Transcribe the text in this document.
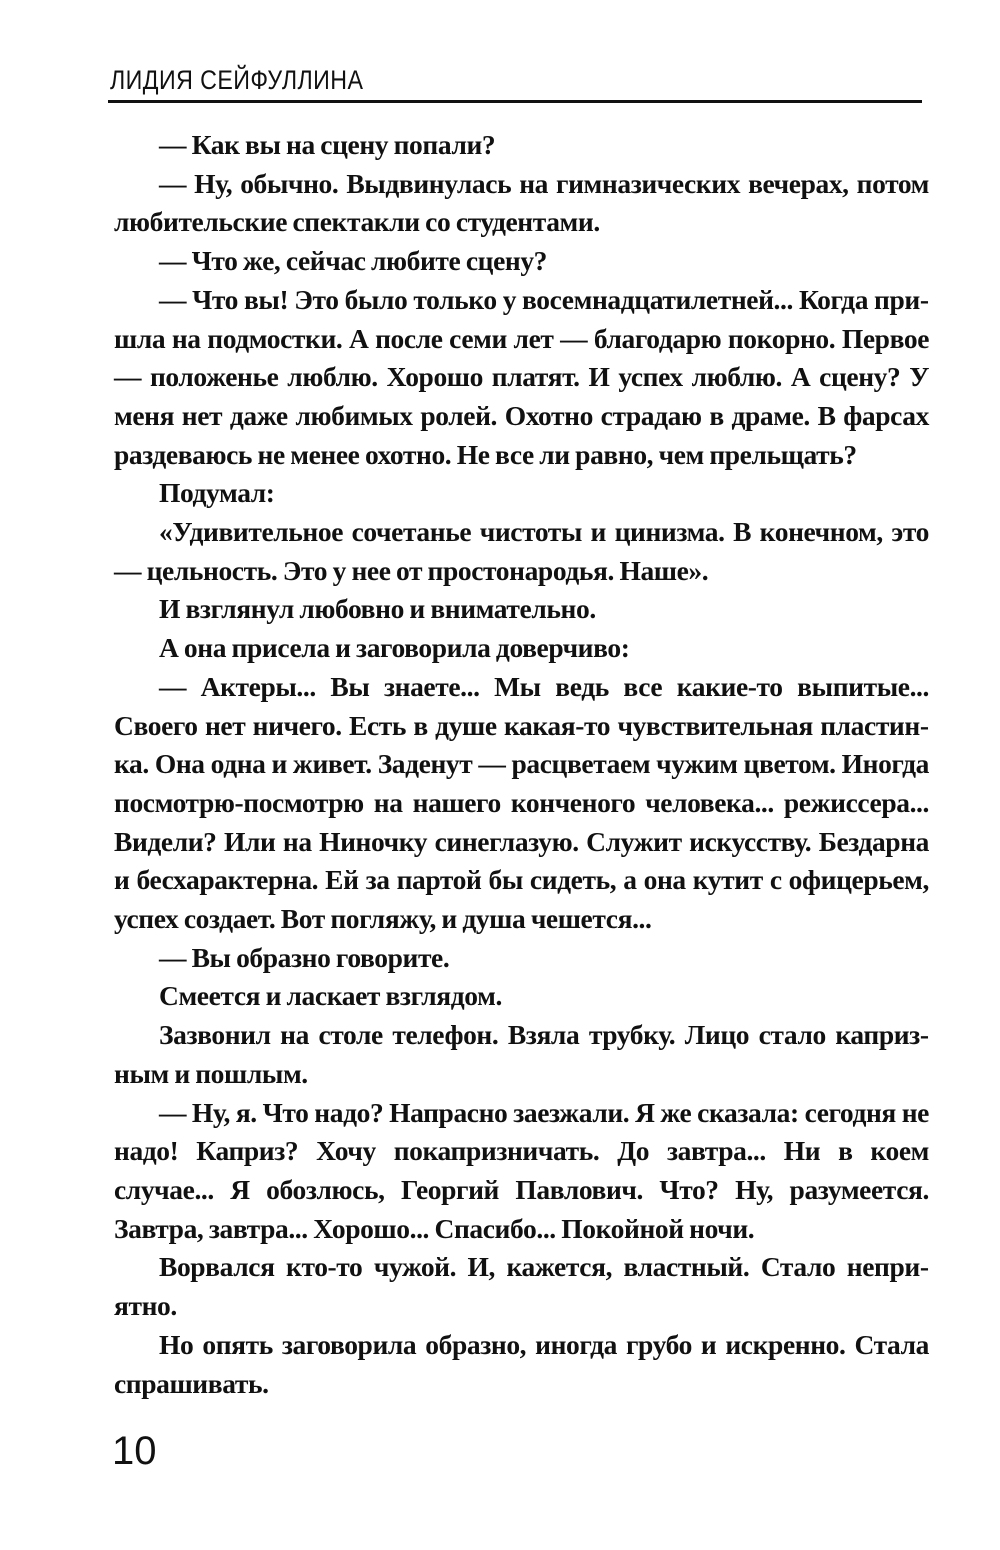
ЛИДИЯ СЕЙФУЛЛИНА

— Как вы на сцену попали?

— Ну, обычно. Выдвинулась на гимназических вечерах, потом любительские спектакли со студентами.

— Что же, сейчас любите сцену?

— Что вы! Это было только у восемнадцатилетней... Когда пришла на подмостки. А после семи лет — благодарю покорно. Первое — положенье люблю. Хорошо платят. И успех люблю. А сцену? У меня нет даже любимых ролей. Охотно страдаю в драме. В фарсах раздеваюсь не менее охотно. Не все ли равно, чем прельщать?

Подумал:

«Удивительное сочетанье чистоты и цинизма. В конечном, это — цельность. Это у нее от простонародья. Наше».

И взглянул любовно и внимательно.

А она присела и заговорила доверчиво:

— Актеры... Вы знаете... Мы ведь все какие-то выпитые... Своего нет ничего. Есть в душе какая-то чувствительная пластинка. Она одна и живет. Заденут — расцветаем чужим цветом. Иногда посмотрю-посмотрю на нашего конченого человека... режиссера... Видели? Или на Ниночку синеглазую. Служит искусству. Бездарна и бесхарактерна. Ей за партой бы сидеть, а она кутит с офицерьем, успех создает. Вот погляжу, и душа чешется...

— Вы образно говорите.

Смеется и ласкает взглядом.

Зазвонил на столе телефон. Взяла трубку. Лицо стало капризным и пошлым.

— Ну, я. Что надо? Напрасно заезжали. Я же сказала: сегодня не надо! Каприз? Хочу покапризничать. До завтра... Ни в коем случае... Я обозлюсь, Георгий Павлович. Что? Ну, разумеется. Завтра, завтра... Хорошо... Спасибо... Покойной ночи.

Ворвался кто-то чужой. И, кажется, властный. Стало неприятно.

Но опять заговорила образно, иногда грубо и искренно. Стала спрашивать.

10
